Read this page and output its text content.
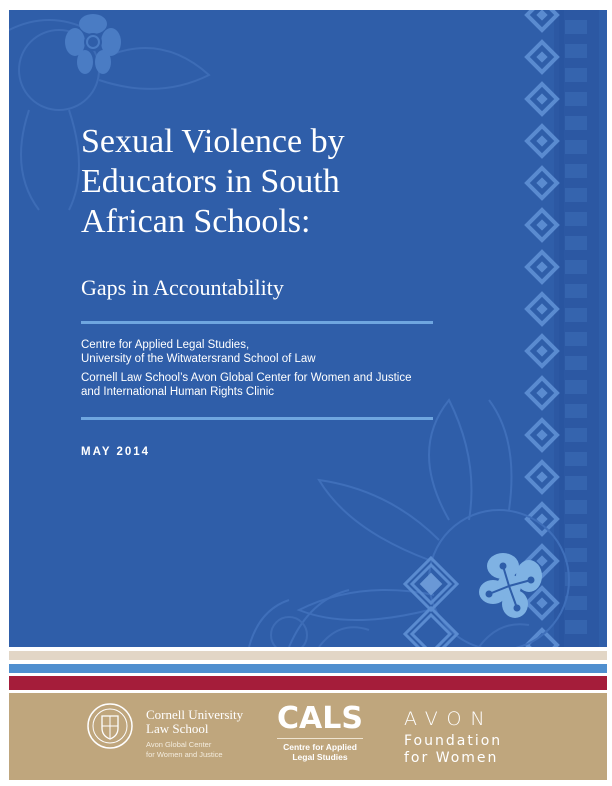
Sexual Violence by
Educators in South
African Schools:
Gaps in Accountability
Centre for Applied Legal Studies,
University of the Witwatersrand School of Law
Cornell Law School’s Avon Global Center for Women and Justice
and International Human Rights Clinic
MAY 2014
Cornell University
Law School
Avon Global Center
for Women and Justice
CALS
Centre for Applied
Legal Studies
AVON
Foundation
for Women
